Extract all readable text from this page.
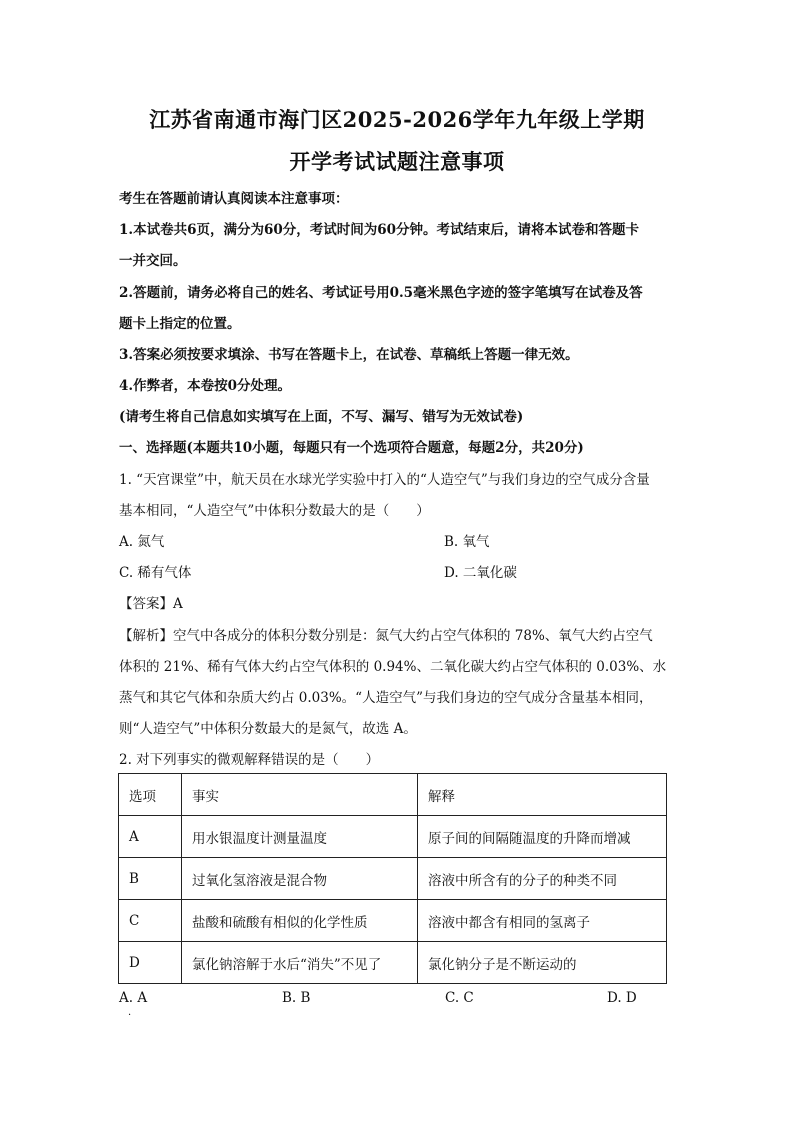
江苏省南通市海门区2025-2026学年九年级上学期
开学考试试题注意事项
考生在答题前请认真阅读本注意事项：
1.本试卷共6页，满分为60分，考试时间为60分钟。考试结束后，请将本试卷和答题卡
一并交回。
2.答题前，请务必将自己的姓名、考试证号用0.5毫米黑色字迹的签字笔填写在试卷及答
题卡上指定的位置。
3.答案必须按要求填涂、书写在答题卡上，在试卷、草稿纸上答题一律无效。
4.作弊者，本卷按0分处理。
(请考生将自己信息如实填写在上面，不写、漏写、错写为无效试卷)
一、选择题(本题共10小题，每题只有一个选项符合题意，每题2分，共20分)
1. “天宫课堂”中，航天员在水球光学实验中打入的“人造空气”与我们身边的空气成分含量
基本相同，“人造空气”中体积分数最大的是（　　）
A. 氮气	B. 氧气
C. 稀有气体	D. 二氧化碳
【答案】A
【解析】空气中各成分的体积分数分别是：氮气大约占空气体积的 78%、氧气大约占空气
体积的 21%、稀有气体大约占空气体积的 0.94%、二氧化碳大约占空气体积的 0.03%、水
蒸气和其它气体和杂质大约占 0.03%。“人造空气”与我们身边的空气成分含量基本相同，
则“人造空气”中体积分数最大的是氮气，故选 A。
2. 对下列事实的微观解释错误的是（　　）
选项	事实	解释
A	用水银温度计测量温度	原子间的间隔随温度的升降而增减
B	过氧化氢溶液是混合物	溶液中所含有的分子的种类不同
C	盐酸和硫酸有相似的化学性质	溶液中都含有相同的氢离子
D	氯化钠溶解于水后“消失”不见了	氯化钠分子是不断运动的
A. A	B. B	C. C	D. D
·
